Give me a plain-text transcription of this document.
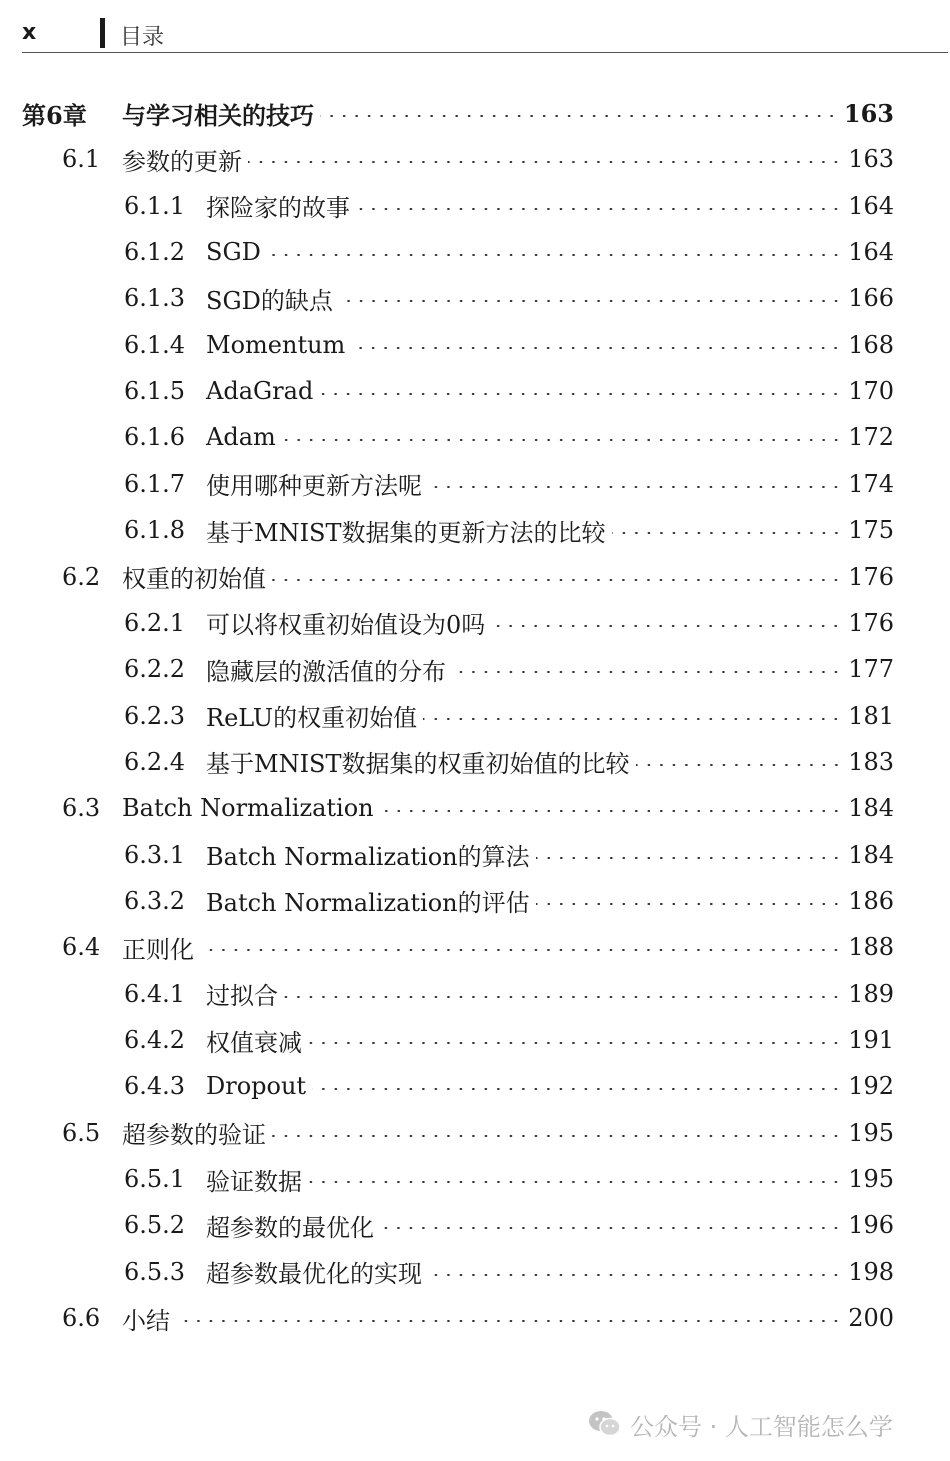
x	目录
第6章	与学习相关的技巧	163
6.1 参数的更新	163
6.1.1 探险家的故事	164
6.1.2 SGD	164
6.1.3 SGD的缺点	166
6.1.4 Momentum	168
6.1.5 AdaGrad	170
6.1.6 Adam	172
6.1.7 使用哪种更新方法呢	174
6.1.8 基于MNIST数据集的更新方法的比较	175
6.2 权重的初始值	176
6.2.1 可以将权重初始值设为0吗	176
6.2.2 隐藏层的激活值的分布	177
6.2.3 ReLU的权重初始值	181
6.2.4 基于MNIST数据集的权重初始值的比较	183
6.3 Batch Normalization	184
6.3.1 Batch Normalization的算法	184
6.3.2 Batch Normalization的评估	186
6.4 正则化	188
6.4.1 过拟合	189
6.4.2 权值衰减	191
6.4.3 Dropout	192
6.5 超参数的验证	195
6.5.1 验证数据	195
6.5.2 超参数的最优化	196
6.5.3 超参数最优化的实现	198
6.6 小结	200
公众号 · 人工智能怎么学
